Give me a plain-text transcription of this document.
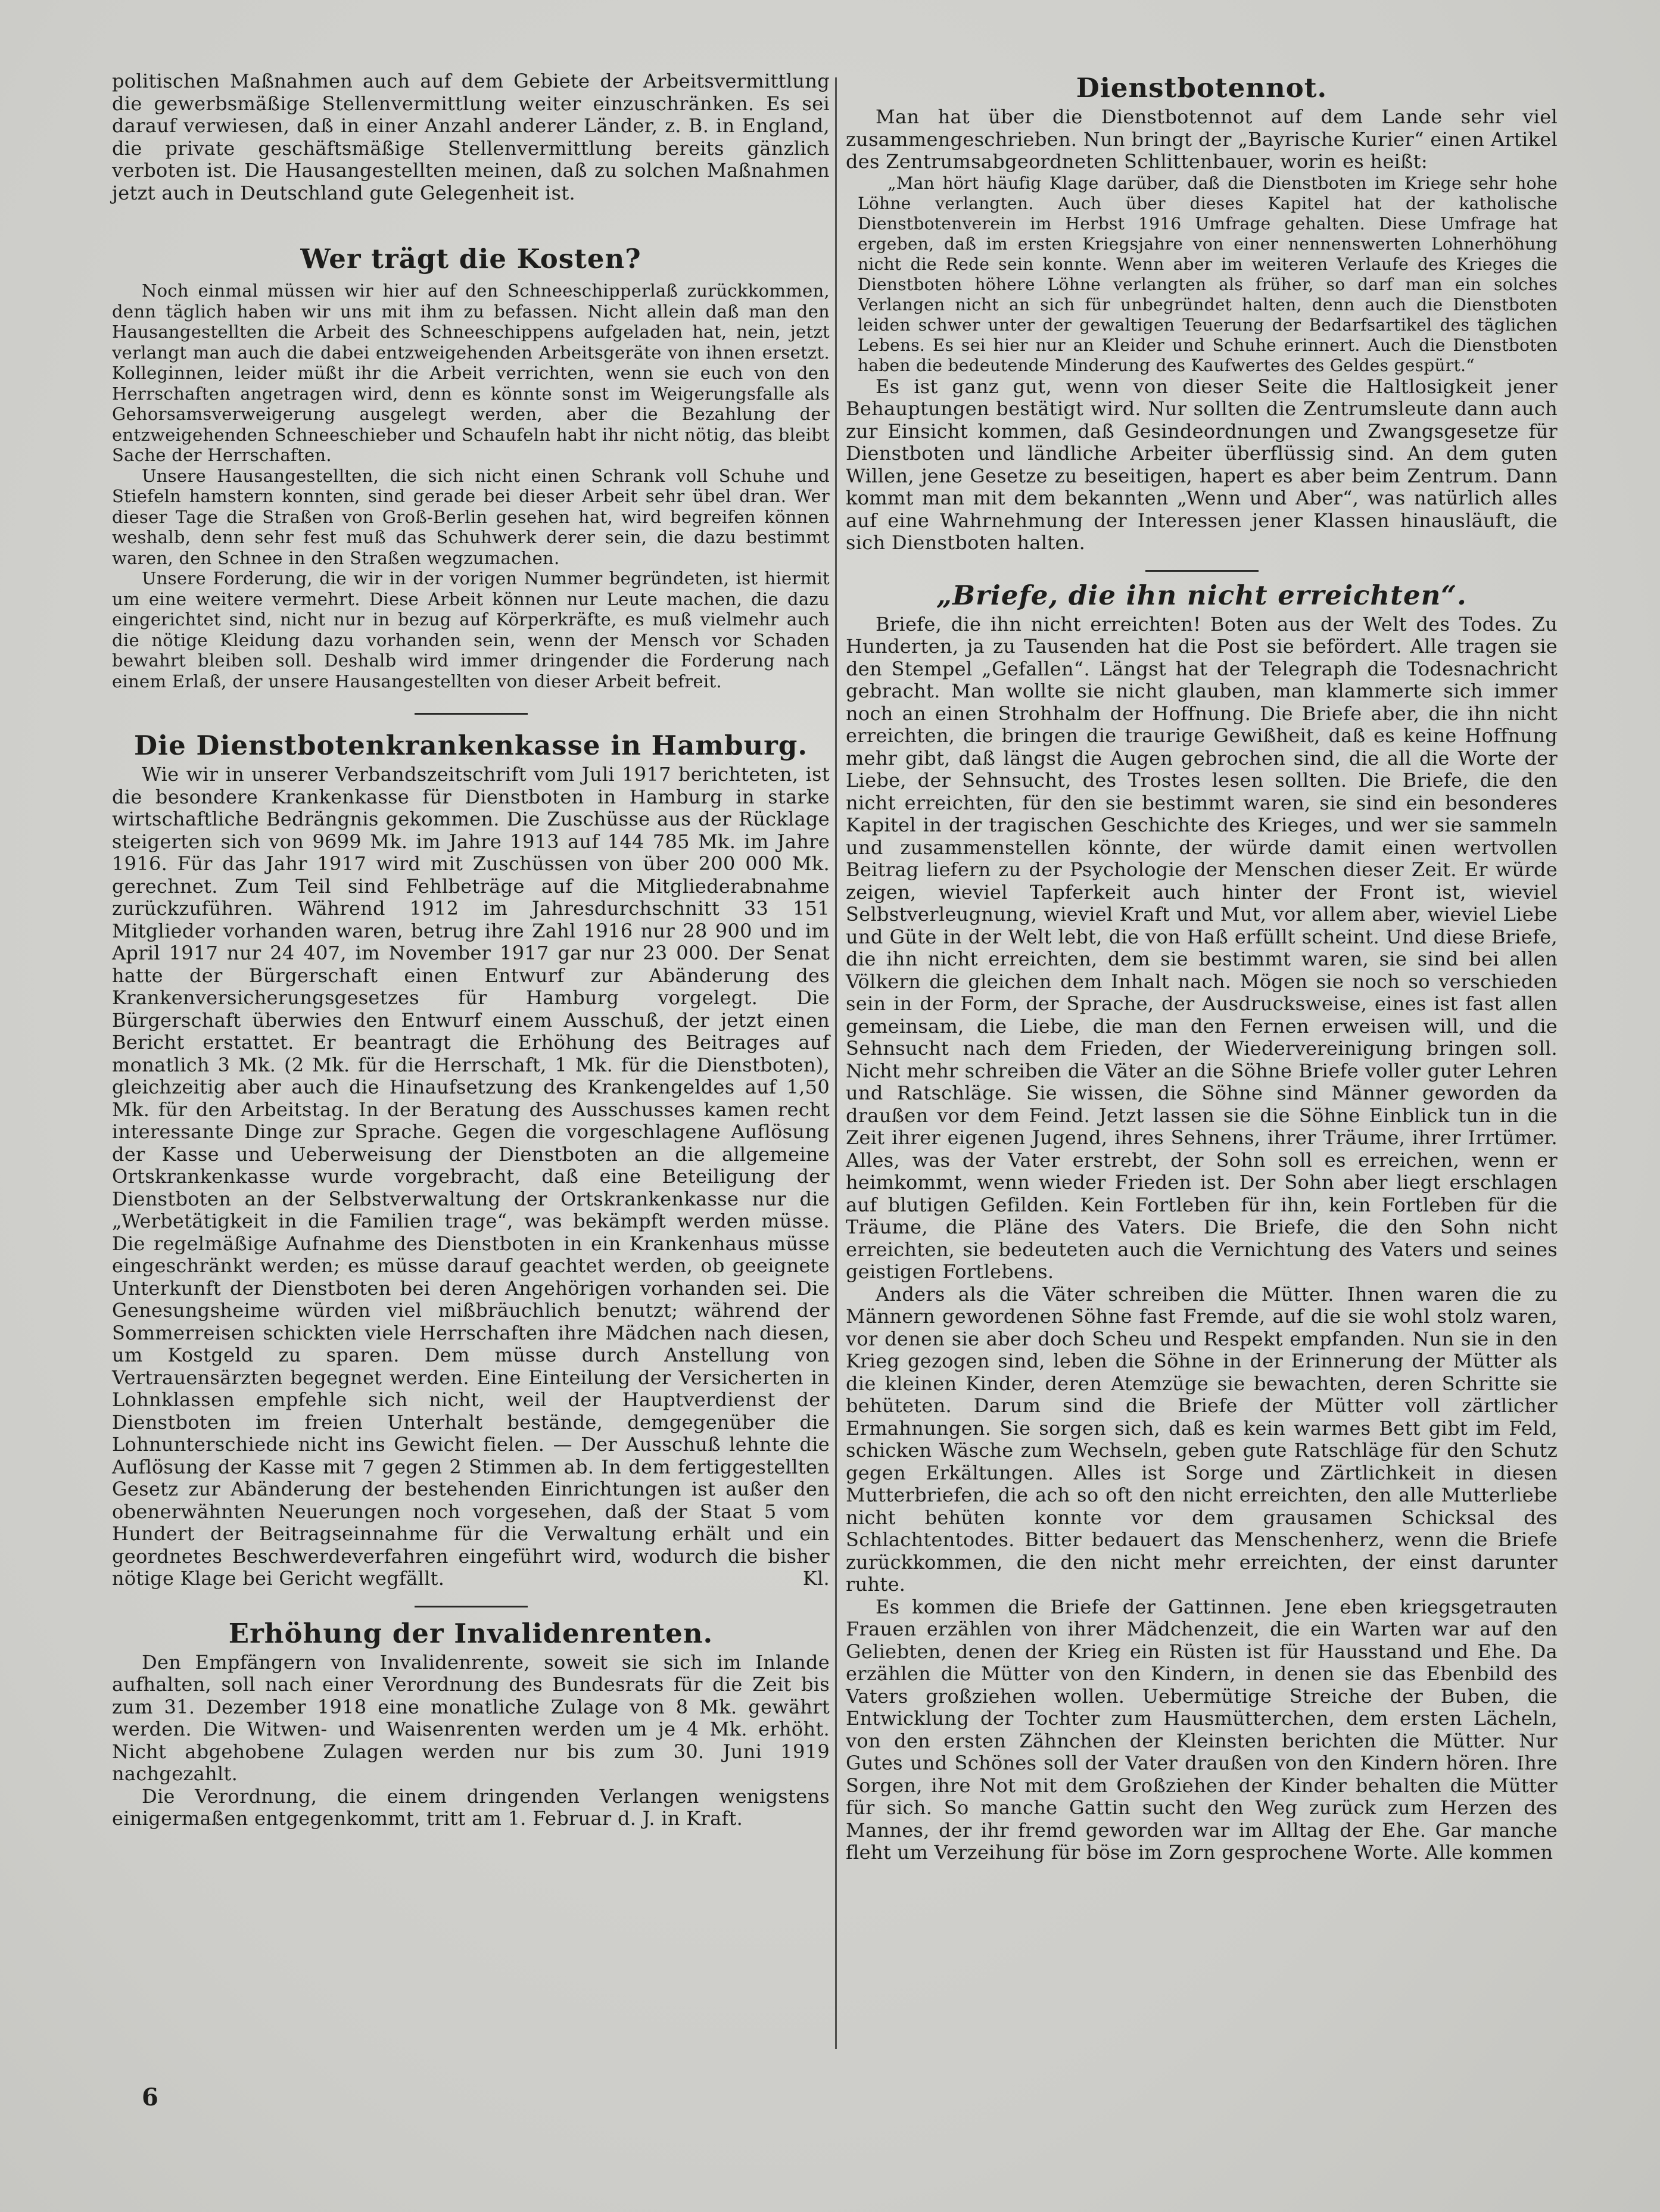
politischen Maßnahmen auch auf dem Gebiete der Arbeitsvermittlung die gewerbsmäßige Stellenvermittlung weiter einzuschränken. Es sei darauf verwiesen, daß in einer Anzahl anderer Länder, z. B. in England, die private geschäftsmäßige Stellenvermittlung bereits gänzlich verboten ist. Die Hausangestellten meinen, daß zu solchen Maßnahmen jetzt auch in Deutschland gute Gelegenheit ist.

Wer trägt die Kosten?

Noch einmal müssen wir hier auf den Schneeschipperlaß zurückkommen, denn täglich haben wir uns mit ihm zu befassen. Nicht allein daß man den Hausangestellten die Arbeit des Schneeschippens aufgeladen hat, nein, jetzt verlangt man auch die dabei entzweigehenden Arbeitsgeräte von ihnen ersetzt. Kolleginnen, leider müßt ihr die Arbeit verrichten, wenn sie euch von den Herrschaften angetragen wird, denn es könnte sonst im Weigerungsfalle als Gehorsamsverweigerung ausgelegt werden, aber die Bezahlung der entzweigehenden Schneeschieber und Schaufeln habt ihr nicht nötig, das bleibt Sache der Herrschaften.

Unsere Hausangestellten, die sich nicht einen Schrank voll Schuhe und Stiefeln hamstern konnten, sind gerade bei dieser Arbeit sehr übel dran. Wer dieser Tage die Straßen von Groß-Berlin gesehen hat, wird begreifen können weshalb, denn sehr fest muß das Schuhwerk derer sein, die dazu bestimmt waren, den Schnee in den Straßen wegzumachen.

Unsere Forderung, die wir in der vorigen Nummer begründeten, ist hiermit um eine weitere vermehrt. Diese Arbeit können nur Leute machen, die dazu eingerichtet sind, nicht nur in bezug auf Körperkräfte, es muß vielmehr auch die nötige Kleidung dazu vorhanden sein, wenn der Mensch vor Schaden bewahrt bleiben soll. Deshalb wird immer dringender die Forderung nach einem Erlaß, der unsere Hausangestellten von dieser Arbeit befreit.

Die Dienstbotenkrankenkasse in Hamburg.

Wie wir in unserer Verbandszeitschrift vom Juli 1917 berichteten, ist die besondere Krankenkasse für Dienstboten in Hamburg in starke wirtschaftliche Bedrängnis gekommen. Die Zuschüsse aus der Rücklage steigerten sich von 9699 Mk. im Jahre 1913 auf 144 785 Mk. im Jahre 1916. Für das Jahr 1917 wird mit Zuschüssen von über 200 000 Mk. gerechnet. Zum Teil sind Fehlbeträge auf die Mitgliederabnahme zurückzuführen. Während 1912 im Jahresdurchschnitt 33 151 Mitglieder vorhanden waren, betrug ihre Zahl 1916 nur 28 900 und im April 1917 nur 24 407, im November 1917 gar nur 23 000. Der Senat hatte der Bürgerschaft einen Entwurf zur Abänderung des Krankenversicherungsgesetzes für Hamburg vorgelegt. Die Bürgerschaft überwies den Entwurf einem Ausschuß, der jetzt einen Bericht erstattet. Er beantragt die Erhöhung des Beitrages auf monatlich 3 Mk. (2 Mk. für die Herrschaft, 1 Mk. für die Dienstboten), gleichzeitig aber auch die Hinaufsetzung des Krankengeldes auf 1,50 Mk. für den Arbeitstag. In der Beratung des Ausschusses kamen recht interessante Dinge zur Sprache. Gegen die vorgeschlagene Auflösung der Kasse und Ueberweisung der Dienstboten an die allgemeine Ortskrankenkasse wurde vorgebracht, daß eine Beteiligung der Dienstboten an der Selbstverwaltung der Ortskrankenkasse nur die „Werbetätigkeit in die Familien trage“, was bekämpft werden müsse. Die regelmäßige Aufnahme des Dienstboten in ein Krankenhaus müsse eingeschränkt werden; es müsse darauf geachtet werden, ob geeignete Unterkunft der Dienstboten bei deren Angehörigen vorhanden sei. Die Genesungsheime würden viel mißbräuchlich benutzt; während der Sommerreisen schickten viele Herrschaften ihre Mädchen nach diesen, um Kostgeld zu sparen. Dem müsse durch Anstellung von Vertrauensärzten begegnet werden. Eine Einteilung der Versicherten in Lohnklassen empfehle sich nicht, weil der Hauptverdienst der Dienstboten im freien Unterhalt bestände, demgegenüber die Lohnunterschiede nicht ins Gewicht fielen. — Der Ausschuß lehnte die Auflösung der Kasse mit 7 gegen 2 Stimmen ab. In dem fertiggestellten Gesetz zur Abänderung der bestehenden Einrichtungen ist außer den obenerwähnten Neuerungen noch vorgesehen, daß der Staat 5 vom Hundert der Beitragseinnahme für die Verwaltung erhält und ein geordnetes Beschwerdeverfahren eingeführt wird, wodurch die bisher nötige Klage bei Gericht wegfällt.	Kl.

Erhöhung der Invalidenrenten.

Den Empfängern von Invalidenrente, soweit sie sich im Inlande aufhalten, soll nach einer Verordnung des Bundesrats für die Zeit bis zum 31. Dezember 1918 eine monatliche Zulage von 8 Mk. gewährt werden. Die Witwen- und Waisenrenten werden um je 4 Mk. erhöht. Nicht abgehobene Zulagen werden nur bis zum 30. Juni 1919 nachgezahlt.

Die Verordnung, die einem dringenden Verlangen wenigstens einigermaßen entgegenkommt, tritt am 1. Februar d. J. in Kraft.

Dienstbotennot.

Man hat über die Dienstbotennot auf dem Lande sehr viel zusammengeschrieben. Nun bringt der „Bayrische Kurier“ einen Artikel des Zentrumsabgeordneten Schlittenbauer, worin es heißt:

„Man hört häufig Klage darüber, daß die Dienstboten im Kriege sehr hohe Löhne verlangten. Auch über dieses Kapitel hat der katholische Dienstbotenverein im Herbst 1916 Umfrage gehalten. Diese Umfrage hat ergeben, daß im ersten Kriegsjahre von einer nennenswerten Lohnerhöhung nicht die Rede sein konnte. Wenn aber im weiteren Verlaufe des Krieges die Dienstboten höhere Löhne verlangten als früher, so darf man ein solches Verlangen nicht an sich für unbegründet halten, denn auch die Dienstboten leiden schwer unter der gewaltigen Teuerung der Bedarfsartikel des täglichen Lebens. Es sei hier nur an Kleider und Schuhe erinnert. Auch die Dienstboten haben die bedeutende Minderung des Kaufwertes des Geldes gespürt.“

Es ist ganz gut, wenn von dieser Seite die Haltlosigkeit jener Behauptungen bestätigt wird. Nur sollten die Zentrumsleute dann auch zur Einsicht kommen, daß Gesindeordnungen und Zwangsgesetze für Dienstboten und ländliche Arbeiter überflüssig sind. An dem guten Willen, jene Gesetze zu beseitigen, hapert es aber beim Zentrum. Dann kommt man mit dem bekannten „Wenn und Aber“, was natürlich alles auf eine Wahrnehmung der Interessen jener Klassen hinausläuft, die sich Dienstboten halten.

„Briefe, die ihn nicht erreichten“.

Briefe, die ihn nicht erreichten! Boten aus der Welt des Todes. Zu Hunderten, ja zu Tausenden hat die Post sie befördert. Alle tragen sie den Stempel „Gefallen“. Längst hat der Telegraph die Todesnachricht gebracht. Man wollte sie nicht glauben, man klammerte sich immer noch an einen Strohhalm der Hoffnung. Die Briefe aber, die ihn nicht erreichten, die bringen die traurige Gewißheit, daß es keine Hoffnung mehr gibt, daß längst die Augen gebrochen sind, die all die Worte der Liebe, der Sehnsucht, des Trostes lesen sollten. Die Briefe, die den nicht erreichten, für den sie bestimmt waren, sie sind ein besonderes Kapitel in der tragischen Geschichte des Krieges, und wer sie sammeln und zusammenstellen könnte, der würde damit einen wertvollen Beitrag liefern zu der Psychologie der Menschen dieser Zeit. Er würde zeigen, wieviel Tapferkeit auch hinter der Front ist, wieviel Selbstverleugnung, wieviel Kraft und Mut, vor allem aber, wieviel Liebe und Güte in der Welt lebt, die von Haß erfüllt scheint. Und diese Briefe, die ihn nicht erreichten, dem sie bestimmt waren, sie sind bei allen Völkern die gleichen dem Inhalt nach. Mögen sie noch so verschieden sein in der Form, der Sprache, der Ausdrucksweise, eines ist fast allen gemeinsam, die Liebe, die man den Fernen erweisen will, und die Sehnsucht nach dem Frieden, der Wiedervereinigung bringen soll. Nicht mehr schreiben die Väter an die Söhne Briefe voller guter Lehren und Ratschläge. Sie wissen, die Söhne sind Männer geworden da draußen vor dem Feind. Jetzt lassen sie die Söhne Einblick tun in die Zeit ihrer eigenen Jugend, ihres Sehnens, ihrer Träume, ihrer Irrtümer. Alles, was der Vater erstrebt, der Sohn soll es erreichen, wenn er heimkommt, wenn wieder Frieden ist. Der Sohn aber liegt erschlagen auf blutigen Gefilden. Kein Fortleben für ihn, kein Fortleben für die Träume, die Pläne des Vaters. Die Briefe, die den Sohn nicht erreichten, sie bedeuteten auch die Vernichtung des Vaters und seines geistigen Fortlebens.

Anders als die Väter schreiben die Mütter. Ihnen waren die zu Männern gewordenen Söhne fast Fremde, auf die sie wohl stolz waren, vor denen sie aber doch Scheu und Respekt empfanden. Nun sie in den Krieg gezogen sind, leben die Söhne in der Erinnerung der Mütter als die kleinen Kinder, deren Atemzüge sie bewachten, deren Schritte sie behüteten. Darum sind die Briefe der Mütter voll zärtlicher Ermahnungen. Sie sorgen sich, daß es kein warmes Bett gibt im Feld, schicken Wäsche zum Wechseln, geben gute Ratschläge für den Schutz gegen Erkältungen. Alles ist Sorge und Zärtlichkeit in diesen Mutterbriefen, die ach so oft den nicht erreichten, den alle Mutterliebe nicht behüten konnte vor dem grausamen Schicksal des Schlachtentodes. Bitter bedauert das Menschenherz, wenn die Briefe zurückkommen, die den nicht mehr erreichten, der einst darunter ruhte.

Es kommen die Briefe der Gattinnen. Jene eben kriegsgetrauten Frauen erzählen von ihrer Mädchenzeit, die ein Warten war auf den Geliebten, denen der Krieg ein Rüsten ist für Hausstand und Ehe. Da erzählen die Mütter von den Kindern, in denen sie das Ebenbild des Vaters großziehen wollen. Uebermütige Streiche der Buben, die Entwicklung der Tochter zum Hausmütterchen, dem ersten Lächeln, von den ersten Zähnchen der Kleinsten berichten die Mütter. Nur Gutes und Schönes soll der Vater draußen von den Kindern hören. Ihre Sorgen, ihre Not mit dem Großziehen der Kinder behalten die Mütter für sich. So manche Gattin sucht den Weg zurück zum Herzen des Mannes, der ihr fremd geworden war im Alltag der Ehe. Gar manche fleht um Verzeihung für böse im Zorn gesprochene Worte. Alle kommen

6
